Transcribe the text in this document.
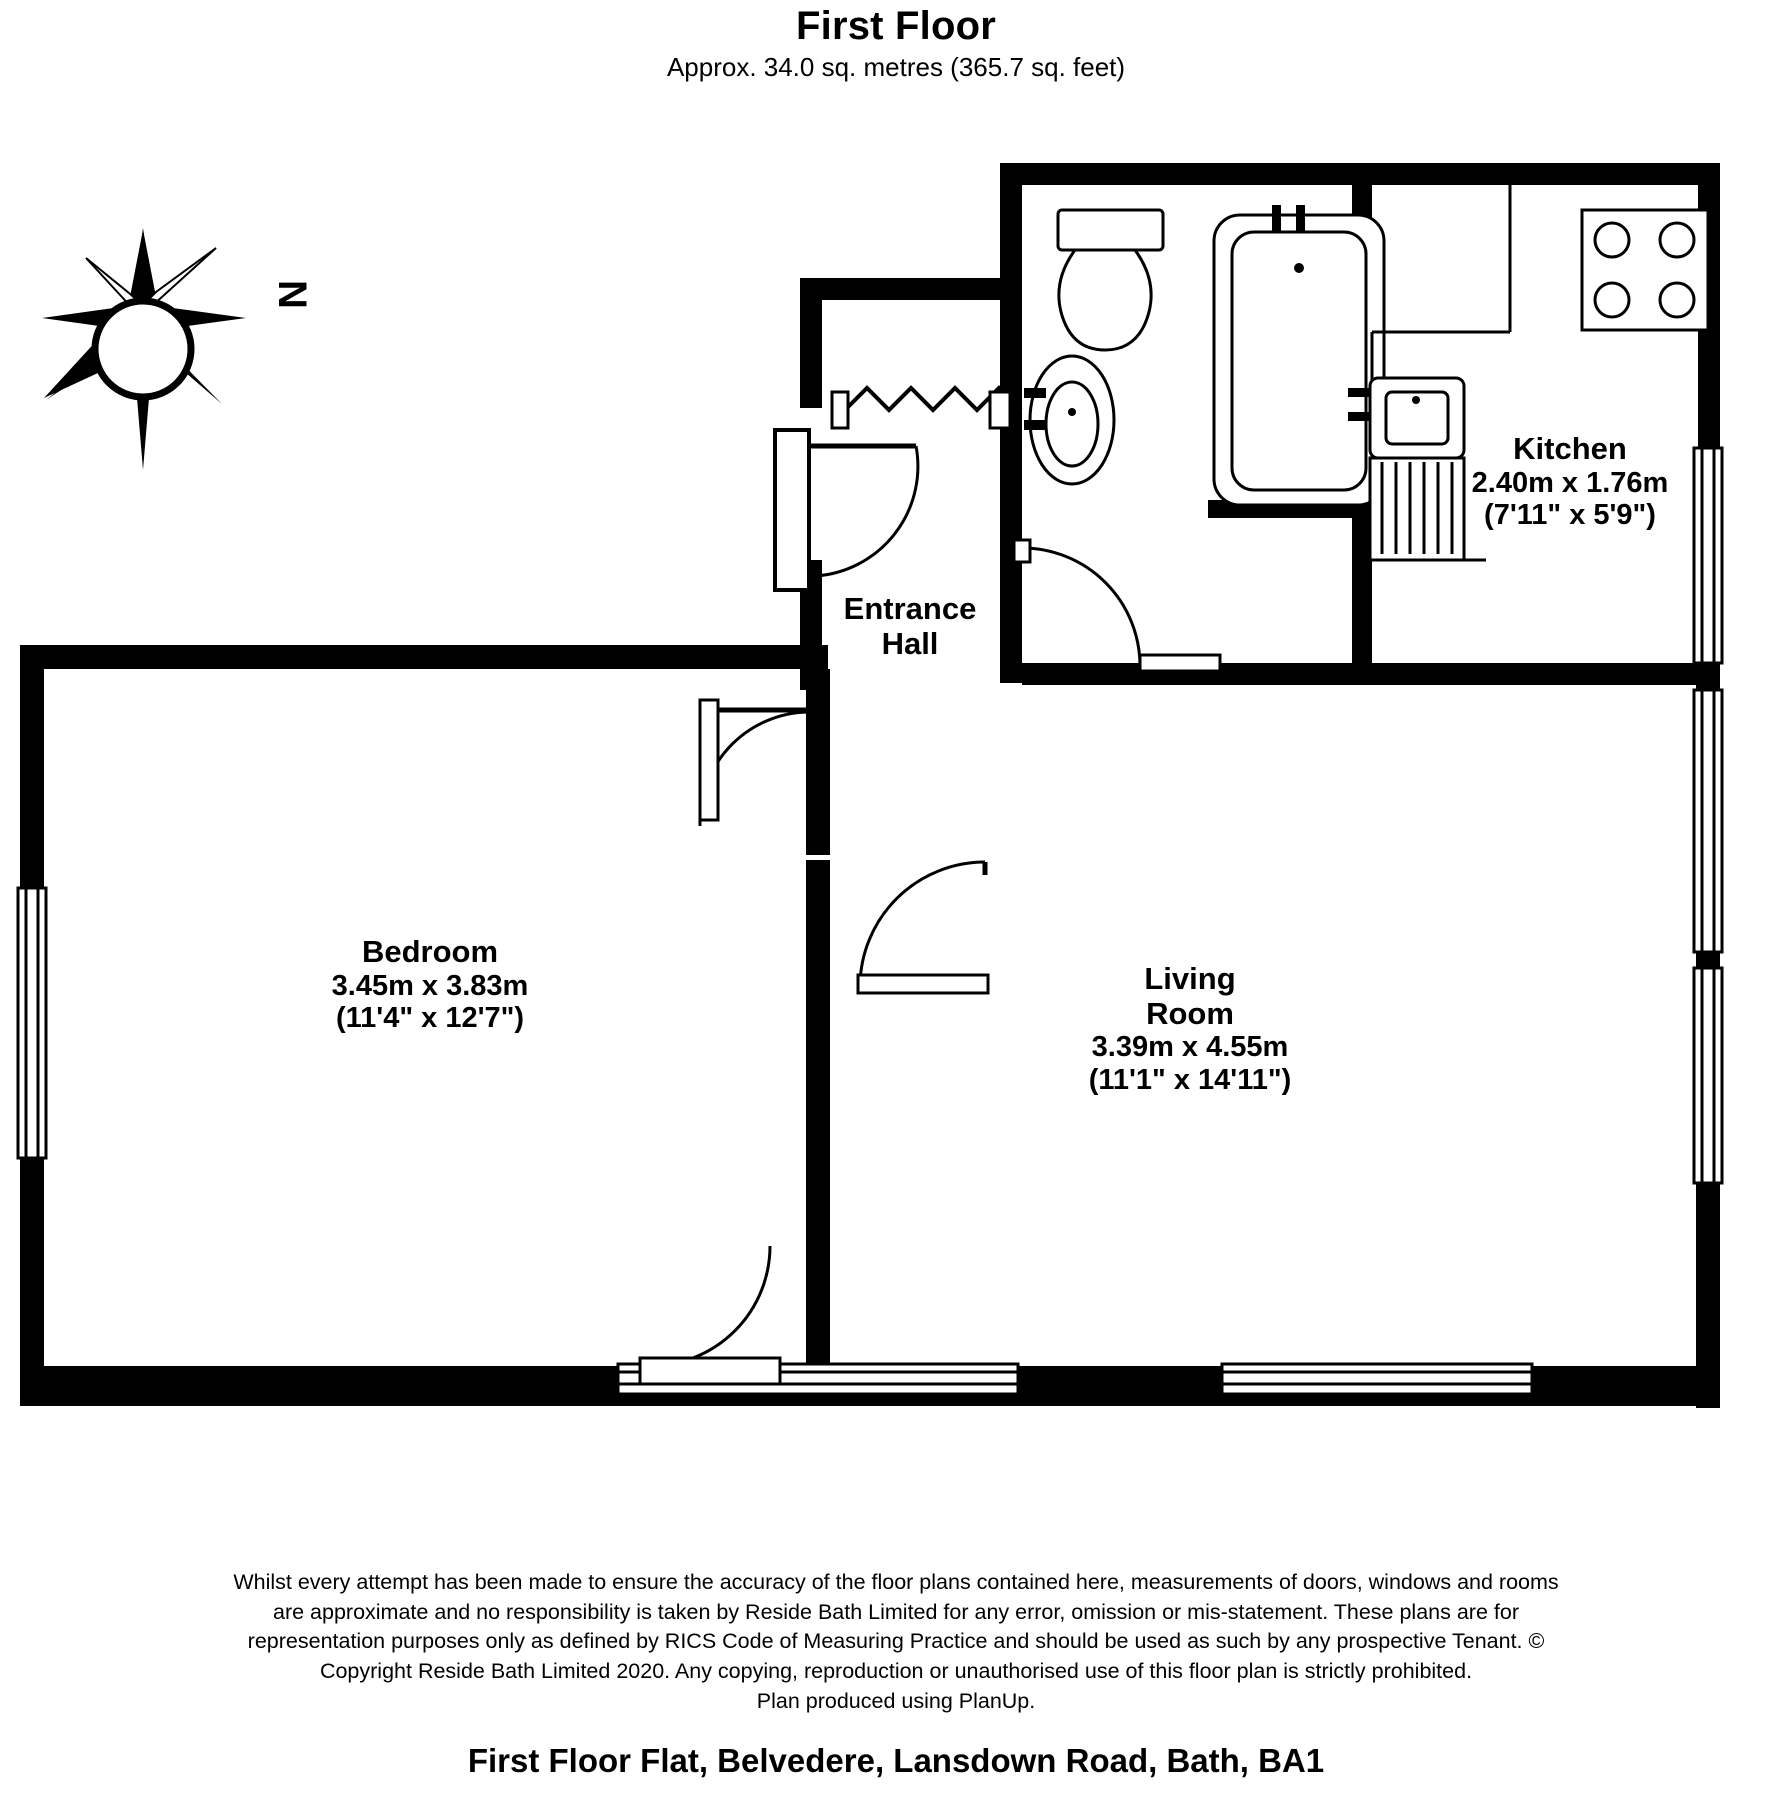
First Floor
Approx. 34.0 sq. metres (365.7 sq. feet)
N
Kitchen
2.40m x 1.76m
(7'11" x 5'9")
Entrance
Hall
Bedroom
3.45m x 3.83m
(11'4" x 12'7")
Living
Room
3.39m x 4.55m
(11'1" x 14'11")
Whilst every attempt has been made to ensure the accuracy of the floor plans contained here, measurements of doors, windows and rooms
are approximate and no responsibility is taken by Reside Bath Limited for any error, omission or mis-statement. These plans are for
representation purposes only as defined by RICS Code of Measuring Practice and should be used as such by any prospective Tenant. ©
Copyright Reside Bath Limited 2020. Any copying, reproduction or unauthorised use of this floor plan is strictly prohibited.
Plan produced using PlanUp.
First Floor Flat, Belvedere, Lansdown Road, Bath, BA1
